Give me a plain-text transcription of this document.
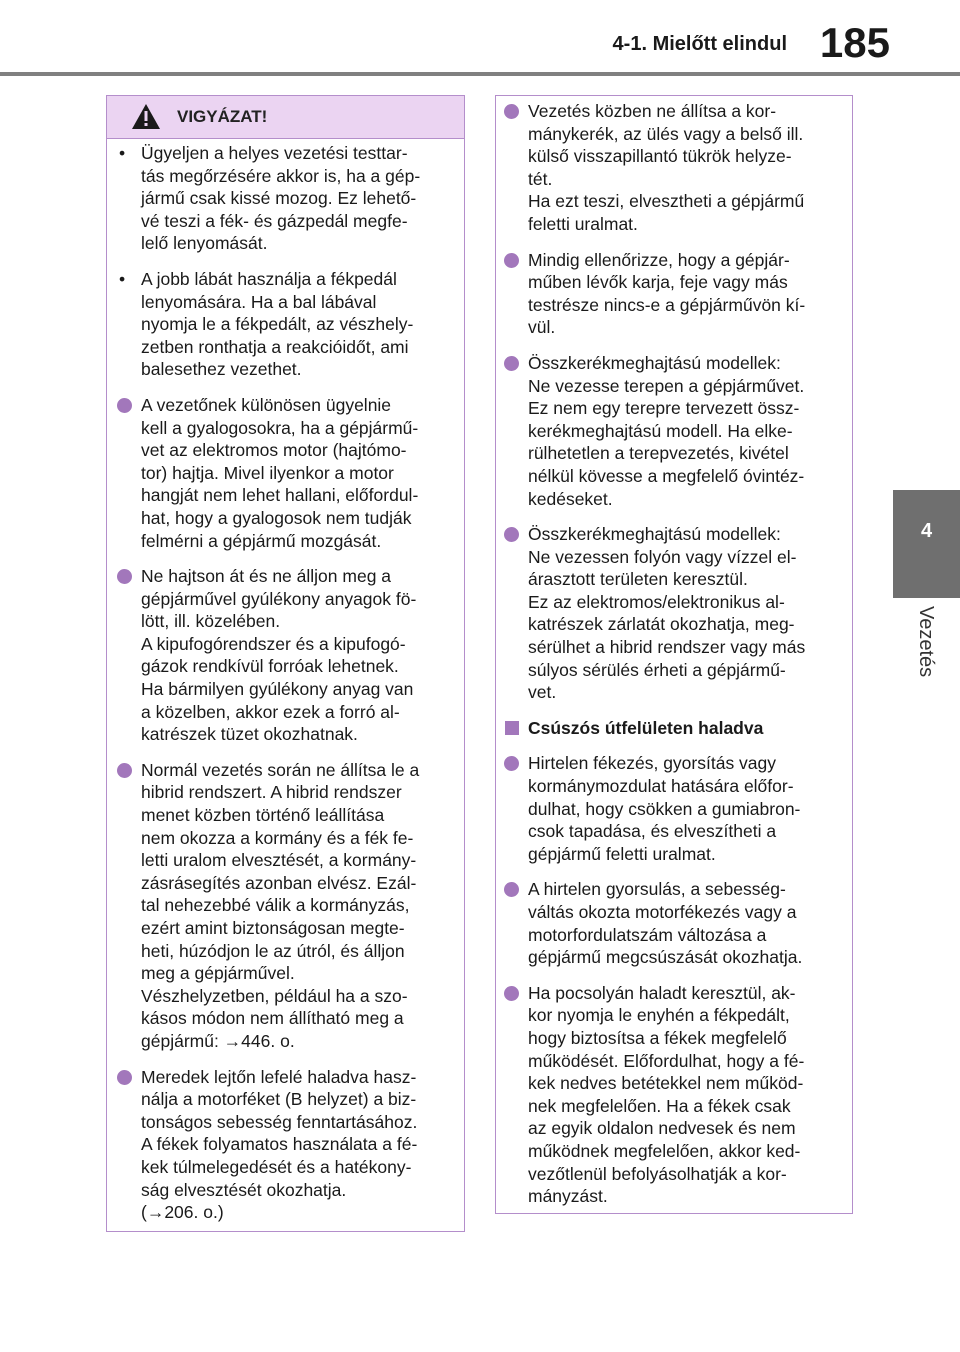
4-1. Mielőtt elindul 185
4
Vezetés
VIGYÁZAT!
• Ügyeljen a helyes vezetési testtar-
tás megőrzésére akkor is, ha a gép-
jármű csak kissé mozog. Ez lehető-
vé teszi a fék- és gázpedál megfe-
lelő lenyomását.
• A jobb lábát használja a fékpedál
lenyomására. Ha a bal lábával
nyomja le a fékpedált, az vészhely-
zetben ronthatja a reakcióidőt, ami
balesethez vezethet.
A vezetőnek különösen ügyelnie
kell a gyalogosokra, ha a gépjármű-
vet az elektromos motor (hajtómo-
tor) hajtja. Mivel ilyenkor a motor
hangját nem lehet hallani, előfordul-
hat, hogy a gyalogosok nem tudják
felmérni a gépjármű mozgását.
Ne hajtson át és ne álljon meg a
gépjárművel gyúlékony anyagok fö-
lött, ill. közelében.
A kipufogórendszer és a kipufogó-
gázok rendkívül forróak lehetnek.
Ha bármilyen gyúlékony anyag van
a közelben, akkor ezek a forró al-
katrészek tüzet okozhatnak.
Normál vezetés során ne állítsa le a
hibrid rendszert. A hibrid rendszer
menet közben történő leállítása
nem okozza a kormány és a fék fe-
letti uralom elvesztését, a kormány-
zásrásegítés azonban elvész. Ezál-
tal nehezebbé válik a kormányzás,
ezért amint biztonságosan megte-
heti, húzódjon le az útról, és álljon
meg a gépjárművel.
Vészhelyzetben, például ha a szo-
kásos módon nem állítható meg a
gépjármű: →446. o.
Meredek lejtőn lefelé haladva hasz-
nálja a motorféket (B helyzet) a biz-
tonságos sebesség fenntartásához.
A fékek folyamatos használata a fé-
kek túlmelegedését és a hatékony-
ság elvesztését okozhatja.
(→206. o.)
Vezetés közben ne állítsa a kor-
mánykerék, az ülés vagy a belső ill.
külső visszapillantó tükrök helyze-
tét.
Ha ezt teszi, elvesztheti a gépjármű
feletti uralmat.
Mindig ellenőrizze, hogy a gépjár-
műben lévők karja, feje vagy más
testrésze nincs-e a gépjárművön kí-
vül.
Összkerékmeghajtású modellek:
Ne vezesse terepen a gépjárművet.
Ez nem egy terepre tervezett össz-
kerékmeghajtású modell. Ha elke-
rülhetetlen a terepvezetés, kivétel
nélkül kövesse a megfelelő óvintéz-
kedéseket.
Összkerékmeghajtású modellek:
Ne vezessen folyón vagy vízzel el-
árasztott területen keresztül.
Ez az elektromos/elektronikus al-
katrészek zárlatát okozhatja, meg-
sérülhet a hibrid rendszer vagy más
súlyos sérülés érheti a gépjármű-
vet.
Csúszós útfelületen haladva
Hirtelen fékezés, gyorsítás vagy
kormánymozdulat hatására előfor-
dulhat, hogy csökken a gumiabron-
csok tapadása, és elveszítheti a
gépjármű feletti uralmat.
A hirtelen gyorsulás, a sebesség-
váltás okozta motorfékezés vagy a
motorfordulatszám változása a
gépjármű megcsúszását okozhatja.
Ha pocsolyán haladt keresztül, ak-
kor nyomja le enyhén a fékpedált,
hogy biztosítsa a fékek megfelelő
működését. Előfordulhat, hogy a fé-
kek nedves betétekkel nem működ-
nek megfelelően. Ha a fékek csak
az egyik oldalon nedvesek és nem
működnek megfelelően, akkor ked-
vezőtlenül befolyásolhatják a kor-
mányzást.
